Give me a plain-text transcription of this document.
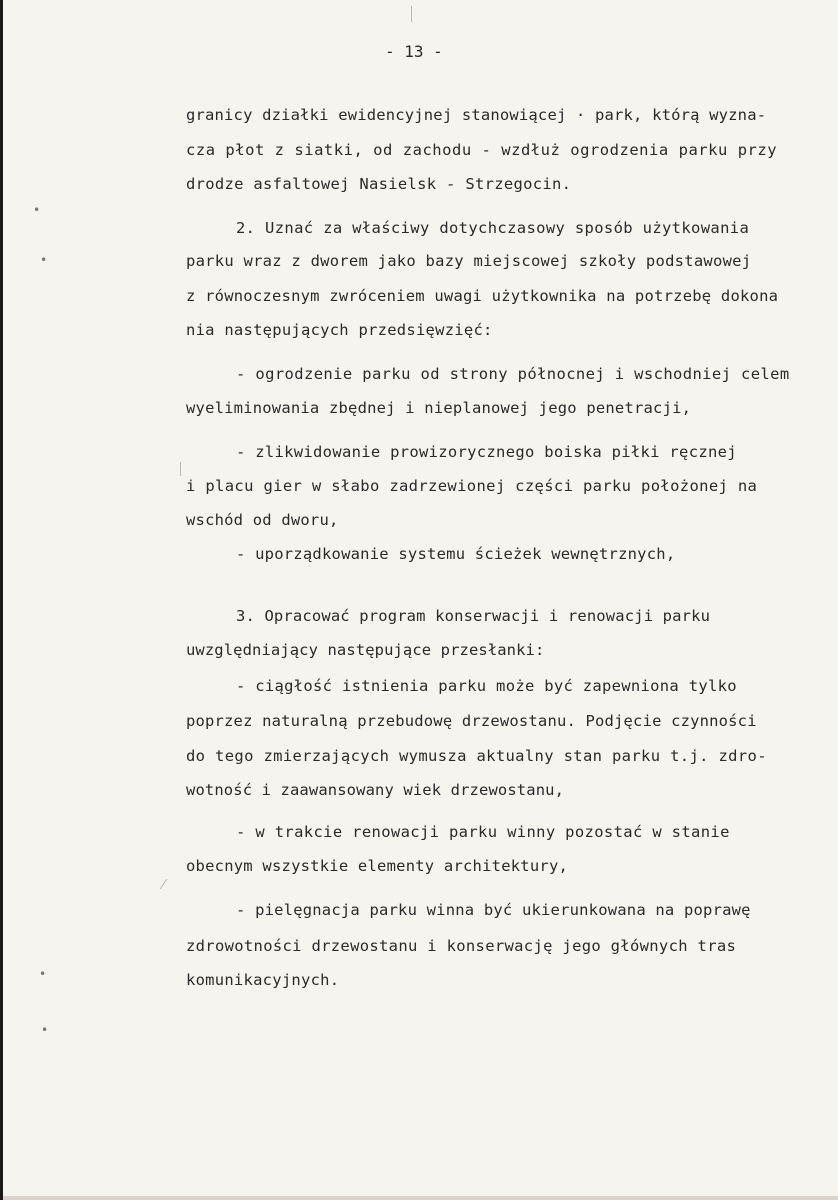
- 13 -
granicy działki ewidencyjnej stanowiącej · park, którą wyzna-
cza płot z siatki, od zachodu - wzdłuż ogrodzenia parku przy
drodze asfaltowej Nasielsk - Strzegocin.
2. Uznać za właściwy dotychczasowy sposób użytkowania
parku wraz z dworem jako bazy miejscowej szkoły podstawowej
z równoczesnym zwróceniem uwagi użytkownika na potrzebę dokona
nia następujących przedsięwzięć:
- ogrodzenie parku od strony północnej i wschodniej celem
wyeliminowania zbędnej i nieplanowej jego penetracji,
- zlikwidowanie prowizorycznego boiska piłki ręcznej
i placu gier w słabo zadrzewionej części parku położonej na
wschód od dworu,
- uporządkowanie systemu ścieżek wewnętrznych,
3. Opracować program konserwacji i renowacji parku
uwzględniający następujące przesłanki:
- ciągłość istnienia parku może być zapewniona tylko
poprzez naturalną przebudowę drzewostanu. Podjęcie czynności
do tego zmierzających wymusza aktualny stan parku t.j. zdro-
wotność i zaawansowany wiek drzewostanu,
- w trakcie renowacji parku winny pozostać w stanie
obecnym wszystkie elementy architektury,
- pielęgnacja parku winna być ukierunkowana na poprawę
zdrowotności drzewostanu i konserwację jego głównych tras
komunikacyjnych.
•
•
•
•
